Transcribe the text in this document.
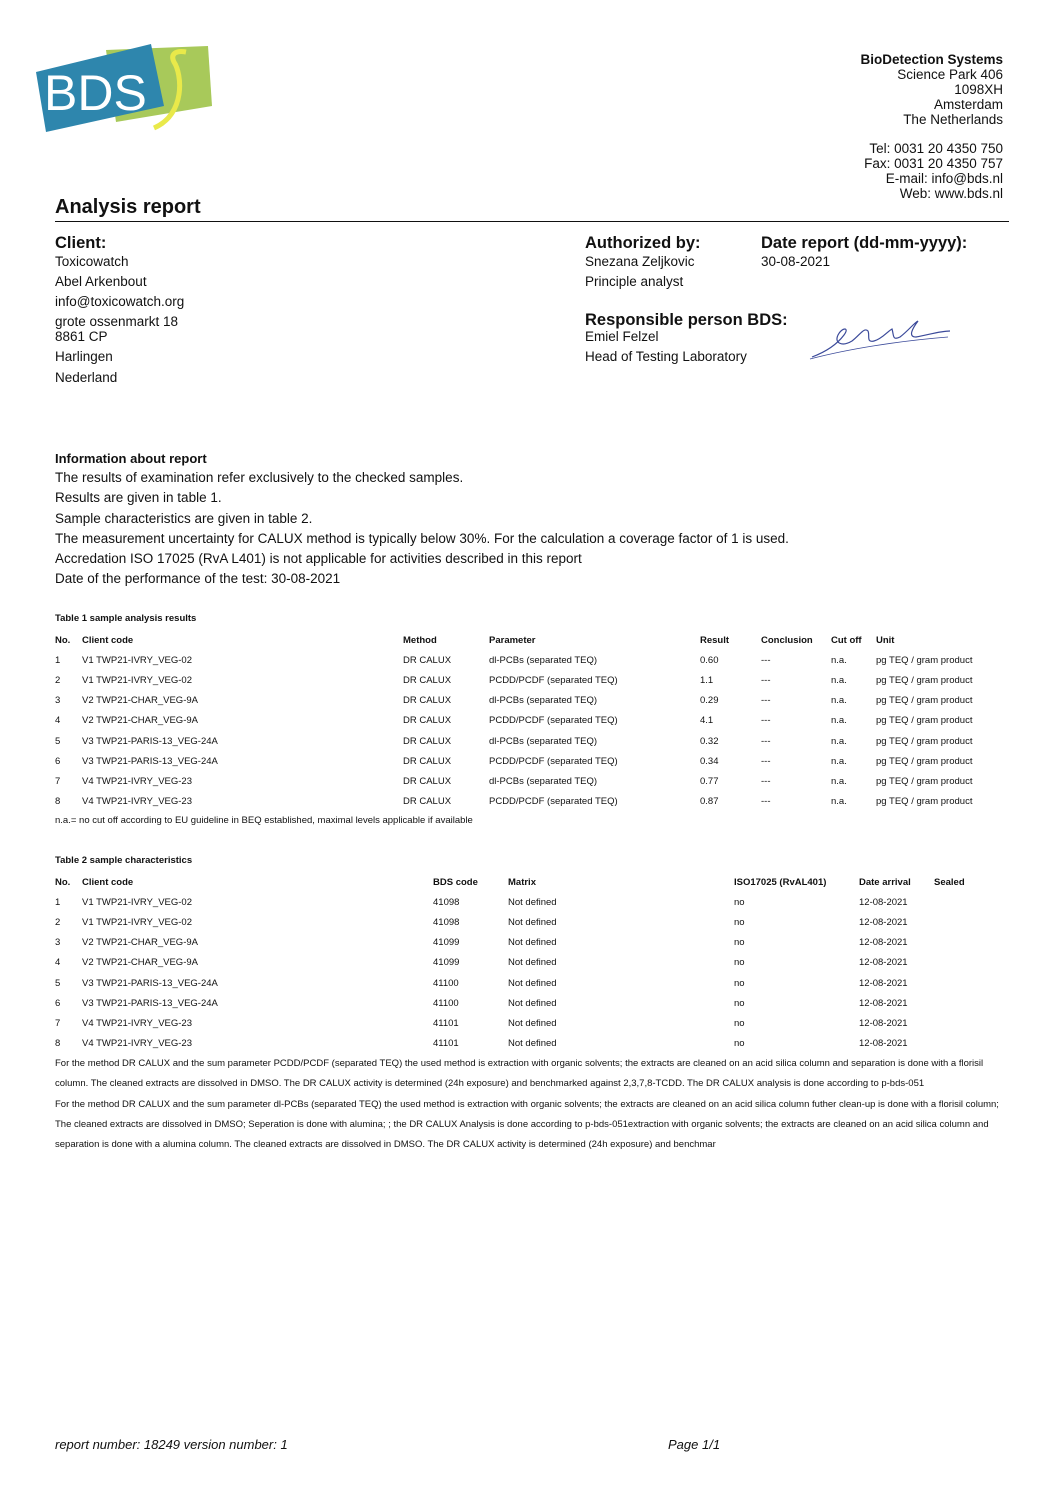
BDS
BioDetection Systems
Science Park 406
1098XH
Amsterdam
The Netherlands
Tel: 0031 20 4350 750
Fax: 0031 20 4350 757
E-mail: info@bds.nl
Web: www.bds.nl
Analysis report
Client:
Toxicowatch
Abel Arkenbout
info@toxicowatch.org
grote ossenmarkt 18
8861 CP
Harlingen
Nederland
Authorized by:
Snezana Zeljkovic
Principle analyst
Date report (dd-mm-yyyy):
30-08-2021
Responsible person BDS:
Emiel Felzel
Head of Testing Laboratory
Information about report
The results of examination refer exclusively to the checked samples.
Results are given in table 1.
Sample characteristics are given in table 2.
The measurement uncertainty for CALUX method is typically below 30%. For the calculation a coverage factor of 1 is used.
Accredation ISO 17025 (RvA L401) is not applicable for activities described in this report
Date of the performance of the test: 30-08-2021
Table 1 sample analysis results
No.	Client code	Method	Parameter	Result	Conclusion	Cut off	Unit
1	V1 TWP21-IVRY_VEG-02	DR CALUX	dl-PCBs (separated TEQ)	0.60	---	n.a.	pg TEQ / gram product
2	V1 TWP21-IVRY_VEG-02	DR CALUX	PCDD/PCDF (separated TEQ)	1.1	---	n.a.	pg TEQ / gram product
3	V2 TWP21-CHAR_VEG-9A	DR CALUX	dl-PCBs (separated TEQ)	0.29	---	n.a.	pg TEQ / gram product
4	V2 TWP21-CHAR_VEG-9A	DR CALUX	PCDD/PCDF (separated TEQ)	4.1	---	n.a.	pg TEQ / gram product
5	V3 TWP21-PARIS-13_VEG-24A	DR CALUX	dl-PCBs (separated TEQ)	0.32	---	n.a.	pg TEQ / gram product
6	V3 TWP21-PARIS-13_VEG-24A	DR CALUX	PCDD/PCDF (separated TEQ)	0.34	---	n.a.	pg TEQ / gram product
7	V4 TWP21-IVRY_VEG-23	DR CALUX	dl-PCBs (separated TEQ)	0.77	---	n.a.	pg TEQ / gram product
8	V4 TWP21-IVRY_VEG-23	DR CALUX	PCDD/PCDF (separated TEQ)	0.87	---	n.a.	pg TEQ / gram product
n.a.= no cut off according to EU guideline in BEQ established, maximal levels applicable if available
Table 2 sample characteristics
No.	Client code	BDS code	Matrix	ISO17025 (RvAL401)	Date arrival	Sealed
1	V1 TWP21-IVRY_VEG-02	41098	Not defined	no	12-08-2021	
2	V1 TWP21-IVRY_VEG-02	41098	Not defined	no	12-08-2021	
3	V2 TWP21-CHAR_VEG-9A	41099	Not defined	no	12-08-2021	
4	V2 TWP21-CHAR_VEG-9A	41099	Not defined	no	12-08-2021	
5	V3 TWP21-PARIS-13_VEG-24A	41100	Not defined	no	12-08-2021	
6	V3 TWP21-PARIS-13_VEG-24A	41100	Not defined	no	12-08-2021	
7	V4 TWP21-IVRY_VEG-23	41101	Not defined	no	12-08-2021	
8	V4 TWP21-IVRY_VEG-23	41101	Not defined	no	12-08-2021	

For the method DR CALUX and the sum parameter PCDD/PCDF (separated TEQ) the used method is extraction with organic solvents; the extracts are cleaned on an acid silica column and separation is done with a florisil column. The cleaned extracts are dissolved in DMSO. The DR CALUX activity is determined (24h exposure) and benchmarked against 2,3,7,8-TCDD. The DR CALUX analysis is done according to p-bds-051

For the method DR CALUX and the sum parameter dl-PCBs (separated TEQ) the used method is extraction with organic solvents; the extracts are cleaned on an acid silica column futher clean-up is done with a florisil column; The cleaned extracts are dissolved in DMSO; Seperation is done with alumina; ; the DR CALUX Analysis is done according to p-bds-051extraction with organic solvents; the extracts are cleaned on an acid silica column and separation is done with a alumina column. The cleaned extracts are dissolved in DMSO. The DR CALUX activity is determined (24h exposure) and benchmar

report number: 18249 version number: 1	Page 1/1
